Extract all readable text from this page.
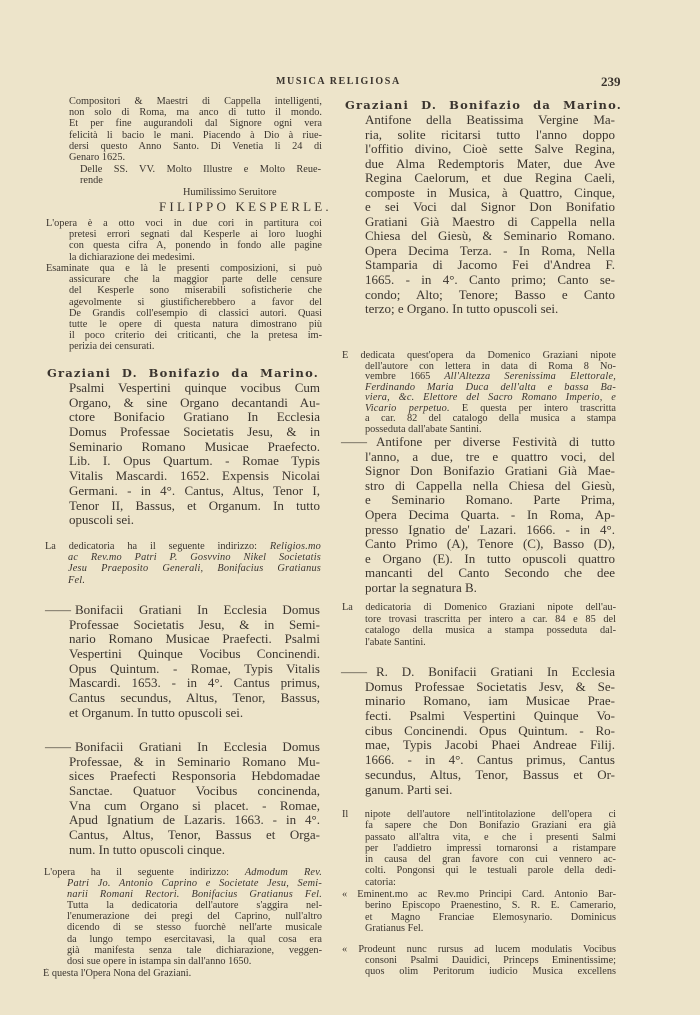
MUSICA RELIGIOSA	239
Compositori & Maestri di Cappella intelligenti,
non solo di Roma, ma anco di tutto il mondo.
Et per fine augurandoli dal Signore ogni vera
felicità li bacio le mani. Piacendo à Dio à riue-
dersi questo Anno Santo. Di Venetia li 24 di
Genaro 1625.
Delle SS. VV. Molto Illustre e Molto Reue-
rende
Humilissimo Seruitore
FILIPPO KESPERLE.
L'opera è a otto voci in due cori in partitura coi
pretesi errori segnati dal Kesperle ai loro luoghi
con questa cifra A, ponendo in fondo alle pagine
la dichiarazione dei medesimi.
Esaminate qua e là le presenti composizioni, si può
assicurare che la maggior parte delle censure
del Kesperle sono miserabili sofisticherie che
agevolmente si giustificherebbero a favor del
De Grandis coll'esempio di classici autori. Quasi
tutte le opere di questa natura dimostrano più
il poco criterio dei criticanti, che la pretesa im-
perizia dei censurati.
Graziani D. Bonifazio da Marino.
Psalmi Vespertini quinque vocibus Cum
Organo, & sine Organo decantandi Au-
ctore Bonifacio Gratiano In Ecclesia
Domus Professae Societatis Jesu, & in
Seminario Romano Musicae Praefecto.
Lib. I. Opus Quartum. - Romae Typis
Vitalis Mascardi. 1652. Expensis Nicolai
Germani. - in 4°. Cantus, Altus, Tenor I,
Tenor II, Bassus, et Organum. In tutto
opuscoli sei.
La dedicatoria ha il seguente indirizzo: Religios.mo
ac Rev.mo Patri P. Gosvvino Nikel Societatis
Jesu Praeposito Generali, Bonifacius Gratianus
Fel.
—— Bonifacii Gratiani In Ecclesia Domus
Professae Societatis Jesu, & in Semi-
nario Romano Musicae Praefecti. Psalmi
Vespertini Quinque Vocibus Concinendi.
Opus Quintum. - Romae, Typis Vitalis
Mascardi. 1653. - in 4°. Cantus primus,
Cantus secundus, Altus, Tenor, Bassus,
et Organum. In tutto opuscoli sei.
—— Bonifacii Gratiani In Ecclesia Domus
Professae, & in Seminario Romano Mu-
sices Praefecti Responsoria Hebdomadae
Sanctae. Quatuor Vocibus concinenda,
Vna cum Organo si placet. - Romae,
Apud Ignatium de Lazaris. 1663. - in 4°.
Cantus, Altus, Tenor, Bassus et Orga-
num. In tutto opuscoli cinque.
L'opera ha il seguente indirizzo: Admodum Rev.
Patri Jo. Antonio Caprino e Societate Jesu, Semi-
narii Romani Rectori. Bonifacius Gratianus Fel.
Tutta la dedicatoria dell'autore s'aggira nel-
l'enumerazione dei pregi del Caprino, null'altro
dicendo di se stesso fuorchè nell'arte musicale
da lungo tempo esercitavasi, la qual cosa era
già manifesta senza tale dichiarazione, veggen-
dosi sue opere in istampa sin dall'anno 1650.
È questa l'Opera Nona del Graziani.
Graziani D. Bonifazio da Marino.
Antifone della Beatissima Vergine Ma-
ria, solite ricitarsi tutto l'anno doppo
l'offitio divino, Cioè sette Salve Regina,
due Alma Redemptoris Mater, due Ave
Regina Caelorum, et due Regina Caeli,
composte in Musica, à Quattro, Cinque,
e sei Voci dal Signor Don Bonifatio
Gratiani Già Maestro di Cappella nella
Chiesa del Giesù, & Seminario Romano.
Opera Decima Terza. - In Roma, Nella
Stamparia di Jacomo Fei d'Andrea F.
1665. - in 4°. Canto primo; Canto se-
condo; Alto; Tenore; Basso e Canto
terzo; e Organo. In tutto opuscoli sei.
È dedicata quest'opera da Domenico Graziani nipote
dell'autore con lettera in data di Roma 8 No-
vembre 1665 All'Altezza Serenissima Elettorale,
Ferdinando Maria Duca dell'alta e bassa Ba-
viera, &c. Elettore del Sacro Romano Imperio, e
Vicario perpetuo. È questa per intero trascritta
a car. 82 del catalogo della musica a stampa
posseduta dall'abate Santini.
—— Antifone per diverse Festività di tutto
l'anno, a due, tre e quattro voci, del
Signor Don Bonifazio Gratiani Già Mae-
stro di Cappella nella Chiesa del Giesù,
e Seminario Romano. Parte Prima,
Opera Decima Quarta. - In Roma, Ap-
presso Ignatio de' Lazari. 1666. - in 4°.
Canto Primo (A), Tenore (C), Basso (D),
e Organo (E). In tutto opuscoli quattro
mancanti del Canto Secondo che dee
portar la segnatura B.
La dedicatoria di Domenico Graziani nipote dell'au-
tore trovasi trascritta per intero a car. 84 e 85 del
catalogo della musica a stampa posseduta dal-
l'abate Santini.
—— R. D. Bonifacii Gratiani In Ecclesia
Domus Professae Societatis Jesv, & Se-
minario Romano, iam Musicae Prae-
fecti. Psalmi Vespertini Quinque Vo-
cibus Concinendi. Opus Quintum. - Ro-
mae, Typis Jacobi Phaei Andreae Filij.
1666. - in 4°. Cantus primus, Cantus
secundus, Altus, Tenor, Bassus et Or-
ganum. Parti sei.
Il nipote dell'autore nell'intitolazione dell'opera ci
fa sapere che Don Bonifazio Graziani era già
passato all'altra vita, e che i presenti Salmi
per l'addietro impressi tornaronsi a ristampare
in causa del gran favore con cui vennero ac-
colti. Pongonsi qui le testuali parole della dedi-
catoria:
« Eminent.mo ac Rev.mo Principi Card. Antonio Bar-
berino Episcopo Praenestino, S. R. E. Camerario,
et Magno Franciae Elemosynario. Dominicus
Gratianus Fel.
« Prodeunt nunc rursus ad lucem modulatis Vocibus
consoni Psalmi Dauidici, Princeps Eminentissime;
quos olim Peritorum iudicio Musica excellens
